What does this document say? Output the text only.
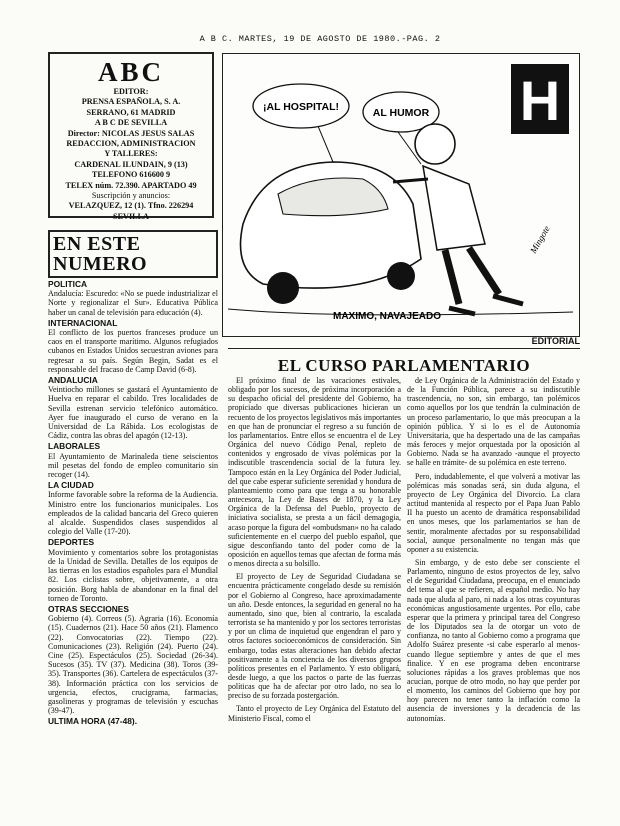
A B C. MARTES, 19 DE AGOSTO DE 1980.-PAG. 2
ABC
EDITOR:
PRENSA ESPAÑOLA, S. A.
SERRANO, 61 MADRID
A B C DE SEVILLA
Director: NICOLAS JESUS SALAS
REDACCION, ADMINISTRACION
Y TALLERES:
CARDENAL ILUNDAIN, 9 (13)
TELEFONO 616600 9
TELEX núm. 72.390. APARTADO 49
Suscripción y anuncios:
VELAZQUEZ, 12 (1). Tfno. 226294
SEVILLA
EN ESTE NUMERO
POLITICA
Andalucía: Escuredo: «No se puede industrializar el Norte y regionalizar el Sur». Educativa Pública haber un canal de televisión para educación (4).
INTERNACIONAL
El conflicto de los puertos franceses produce un caos en el transporte marítimo. Algunos refugiados cubanos en Estados Unidos secuestran aviones para regresar a su país. Según Begin, Sadat es el responsable del fracaso de Camp David (6-8).
ANDALUCIA
Veintiocho millones se gastará el Ayuntamiento de Huelva en reparar el cabildo. Tres localidades de Sevilla estrenan servicio telefónico automático. Ayer fue inaugurado el curso de verano en la Universidad de La Rábida. Los ecologistas de Cádiz, contra las obras del apagón (12-13).
LABORALES
El Ayuntamiento de Marinaleda tiene seiscientos mil pesetas del fondo de empleo comunitario sin recoger (14).
LA CIUDAD
Informe favorable sobre la reforma de la Audiencia. Ministro entre los funcionarios municipales. Los empleados de la calidad bancaria del Greco quieren al alcalde. Suspendidos clases suspendidos al colegio del Valle (17-20).
DEPORTES
Movimiento y comentarios sobre los protagonistas de la Unidad de Sevilla. Detalles de los equipos de las tierras en los estadios españoles para el Mundial 82. Los ciclistas sobre, objetivamente, a otra posición. Borg habla de abandonar en la final del torneo de Toronto.
OTRAS SECCIONES
Gobierno (4). Correos (5). Agraria (16). Economía (15). Cuadernos (21). Hace 50 años (21). Flamenco (22). Convocatorias (22). Tiempo (22). Comunicaciones (23). Religión (24). Puerto (24). Cine (25). Espectáculos (25). Sociedad (26-34). Sucesos (35). TV (37). Medicina (38). Toros (39-35). Transportes (36). Cartelera de espectáculos (37-38). Información práctica con los servicios de urgencia, efectos, crucigrama, farmacias, gasolineras y programas de televisión y escuchas (39-47).
ULTIMA HORA (47-48).
H
¡AL HOSPITAL!	AL HUMOR
MAXIMO, NAVAJEADO
Mingote
EDITORIAL
EL CURSO PARLAMENTARIO

El próximo final de las vacaciones estivales, obligado por los sucesos, de próxima incorporación a su despacho oficial del presidente del Gobierno, ha propiciado que diversas publicaciones hicieran un recuento de los proyectos legislativos más importantes en que han de pronunciar el regreso a su función de los parlamentarios. Entre ellos se encuentra el de Ley Orgánica del nuevo Código Penal, repleto de contenidos y engrosado de vivas polémicas por la indiscutible trascendencia social de la futura ley. Tampoco están en la Ley Orgánica del Poder Judicial, del que cabe esperar suficiente serenidad y hondura de planteamiento como para que tenga a su honorable antecesora, la Ley de Bases de 1870, y la Ley Orgánica de la Defensa del Pueblo, proyecto de iniciativa socialista, se presta a un fácil demagogia, acaso porque la figura del «ombudsman» no ha calado suficientemente en el cuerpo del pueblo español, que sigue desconfiando tanto del poder como de la oposición en aquellos temas que afectan de forma más o menos directa a su bolsillo.

El proyecto de Ley de Seguridad Ciudadana se encuentra prácticamente congelado desde su remisión por el Gobierno al Congreso, hace aproximadamente un año. Desde entonces, la seguridad en general no ha aumentado, sino que, bien al contrario, la escalada terrorista se ha mantenido y por los sectores terroristas y por un clima de inquietud que engendran el paro y otros factores socioeconómicos de consideración. Sin embargo, todas estas alteraciones han debido afectar positivamente a la conciencia de los diversos grupos políticos presentes en el Parlamento. Y esto obligará, desde luego, a que los pactos o parte de las fuerzas políticas que ha de afectar por otro lado, no sea lo preciso de su forzada postergación.

Tanto el proyecto de Ley Orgánica del Estatuto del Ministerio Fiscal, como el

de Ley Orgánica de la Administración del Estado y de la Función Pública, parece a su indiscutible trascendencia, no son, sin embargo, tan polémicos como aquellos por los que tendrán la culminación de un proceso parlamentario, lo que más preocupan a la opinión pública. Y si lo es el de Autonomía Universitaria, que ha despertado una de las campañas más feroces y mejor orquestada por la oposición al Gobierno. Nada se ha avanzado -aunque el proyecto se halle en trámite- de su polémica en este terreno.

Pero, indudablemente, el que volverá a motivar las polémicas más sonadas será, sin duda alguna, el proyecto de Ley Orgánica del Divorcio. La clara actitud mantenida al respecto por el Papa Juan Pablo II ha puesto un acento de dramática responsabilidad en unos meses, que los parlamentarios se han de sentir, moralmente afectados por su responsabilidad social, aunque personalmente no tengan más que oponer a su existencia.

Sin embargo, y de esto debe ser consciente el Parlamento, ninguno de estos proyectos de ley, salvo el de Seguridad Ciudadana, preocupa, en el enunciado del tema al que se refieren, al español medio. No hay nada que aluda al paro, ni nada a los otras coyunturas económicas angustiosamente urgentes. Por ello, cabe esperar que la primera y principal tarea del Congreso de los Diputados sea la de otorgar un voto de confianza, no tanto al Gobierno como a programa que Adolfo Suárez presente -si cabe esperarlo al menos- cuando llegue septiembre y antes de que el mes finalice. Y en ese programa deben encontrarse soluciones rápidas a los graves problemas que nos acucian, porque de otro modo, no hay que perder por el momento, los caminos del Gobierno que hoy por hoy parecen no tener tanto la inflación como la ausencia de inversiones y la decadencia de las autonomías.
